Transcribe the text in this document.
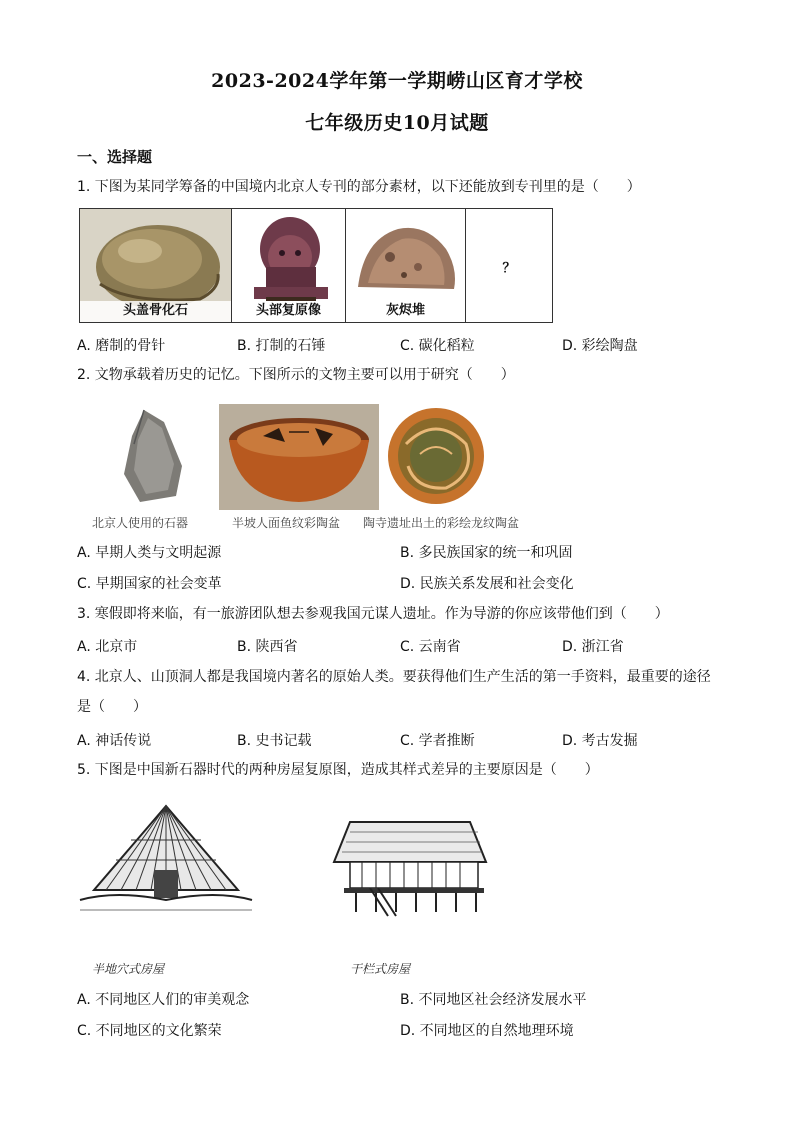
2023-2024学年第一学期崂山区育才学校
七年级历史10月试题
一、选择题
1. 下图为某同学筹备的中国境内北京人专刊的部分素材，以下还能放到专刊里的是（　　）
头盖骨化石	头部复原像	灰烬堆
？
A. 磨制的骨针	B. 打制的石锤	C. 碳化稻粒	D. 彩绘陶盘
2. 文物承载着历史的记忆。下图所示的文物主要可以用于研究（　　）
北京人使用的石器	半坡人面鱼纹彩陶盆 陶寺遗址出土的彩绘龙纹陶盆
A. 早期人类与文明起源	B. 多民族国家的统一和巩固
C. 早期国家的社会变革	D. 民族关系发展和社会变化
3. 寒假即将来临，有一旅游团队想去参观我国元谋人遗址。作为导游的你应该带他们到（　　）
A. 北京市	B. 陕西省	C. 云南省	D. 浙江省
4. 北京人、山顶洞人都是我国境内著名的原始人类。要获得他们生产生活的第一手资料，最重要的途径
是（　　）
A. 神话传说	B. 史书记载	C. 学者推断	D. 考古发掘
5. 下图是中国新石器时代的两种房屋复原图，造成其样式差异的主要原因是（　　）
半地穴式房屋	干栏式房屋
A. 不同地区人们的审美观念	B. 不同地区社会经济发展水平
C. 不同地区的文化繁荣	D. 不同地区的自然地理环境
